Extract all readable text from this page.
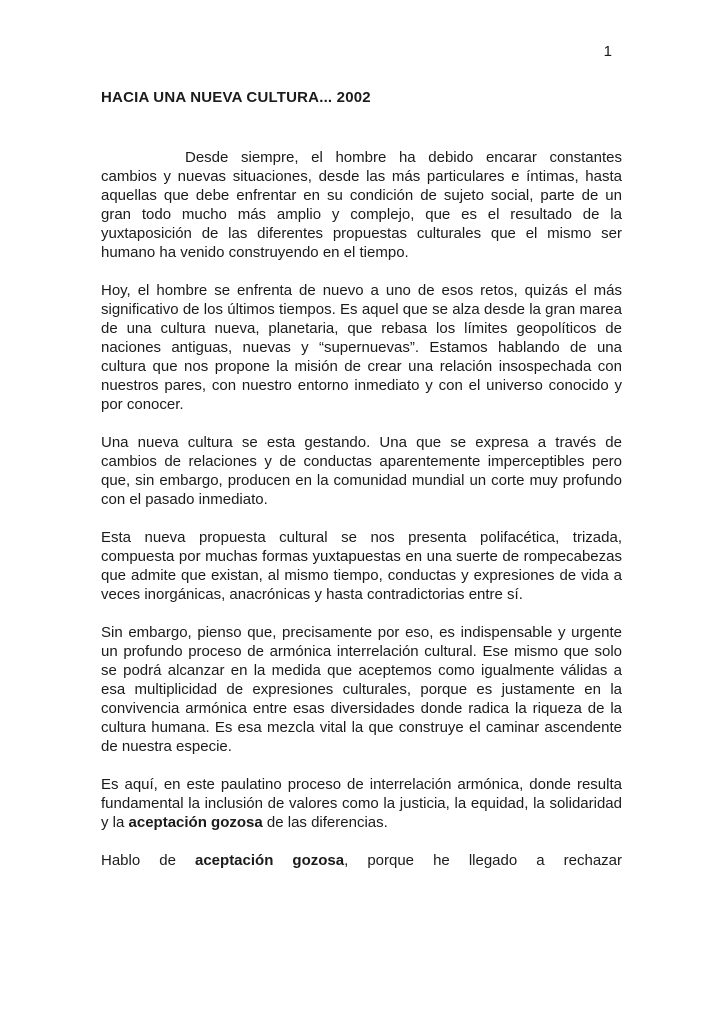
1
HACIA UNA NUEVA CULTURA... 2002

Desde siempre, el hombre ha debido encarar constantes cambios y nuevas situaciones, desde las más particulares e íntimas, hasta aquellas que debe enfrentar en su condición de sujeto social, parte de un gran todo mucho más amplio y complejo, que es el resultado de la yuxtaposición de las diferentes propuestas culturales que el mismo ser humano ha venido construyendo en el tiempo.

Hoy, el hombre se enfrenta de nuevo a uno de esos retos, quizás el más significativo de los últimos tiempos. Es aquel que se alza desde la gran marea de una cultura nueva, planetaria, que rebasa los límites geopolíticos de naciones antiguas, nuevas y “supernuevas”. Estamos hablando de una cultura que nos propone la misión de crear una relación insospechada con nuestros pares, con nuestro entorno inmediato y con el universo conocido y por conocer.

Una nueva cultura se esta gestando. Una que se expresa a través de cambios de relaciones y de conductas aparentemente imperceptibles pero que, sin embargo, producen en la comunidad mundial un corte muy profundo con el pasado inmediato.

Esta nueva propuesta cultural se nos presenta polifacética, trizada, compuesta por muchas formas yuxtapuestas en una suerte de rompecabezas que admite que existan, al mismo tiempo, conductas y expresiones de vida a veces inorgánicas, anacrónicas y hasta contradictorias entre sí.

Sin embargo, pienso que, precisamente por eso, es indispensable y urgente un profundo proceso de armónica interrelación cultural. Ese mismo que solo se podrá alcanzar en la medida que aceptemos como igualmente válidas a esa multiplicidad de expresiones culturales, porque es justamente en la convivencia armónica entre esas diversidades donde radica la riqueza de la cultura humana. Es esa mezcla vital la que construye el caminar ascendente de nuestra especie.

Es aquí, en este paulatino proceso de interrelación armónica, donde resulta fundamental la inclusión de valores como la justicia, la equidad, la solidaridad y la aceptación gozosa de las diferencias.

Hablo de aceptación gozosa, porque he llegado a rechazar
